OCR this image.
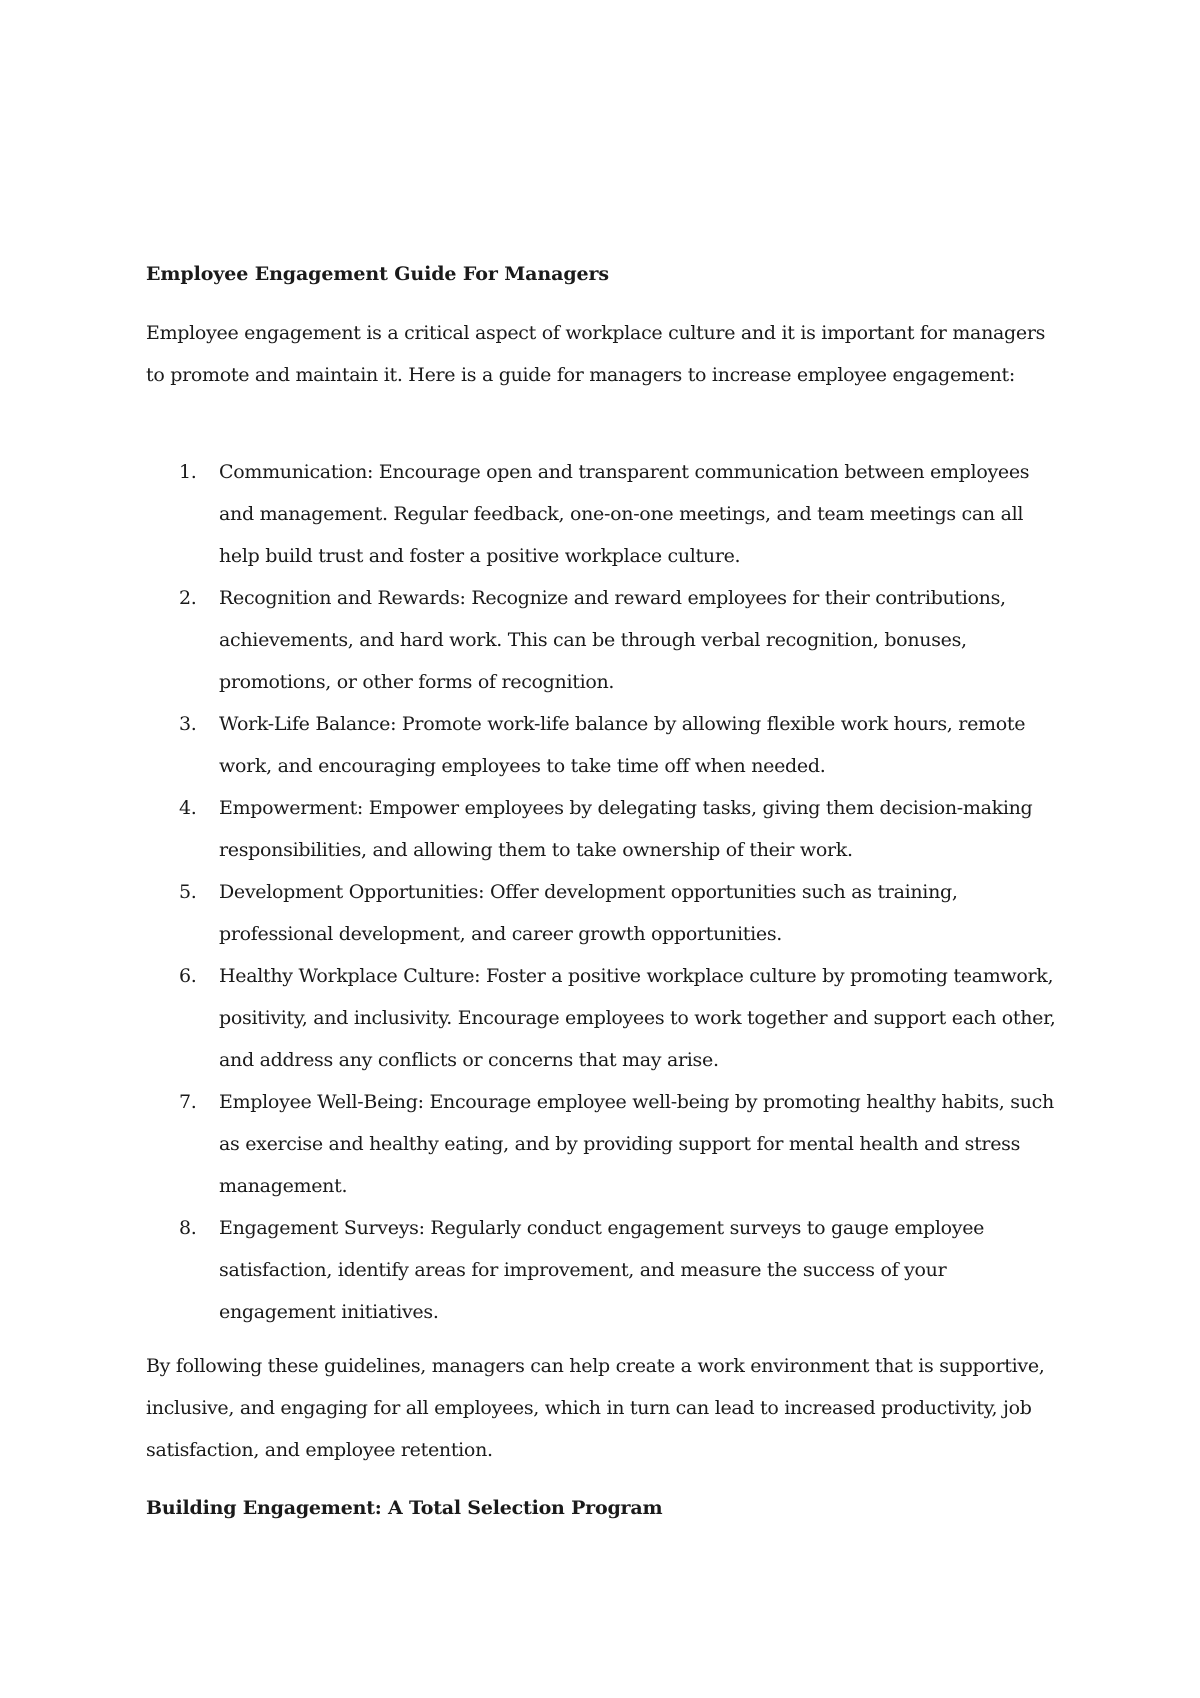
Employee Engagement Guide For Managers

Employee engagement is a critical aspect of workplace culture and it is important for managers to promote and maintain it. Here is a guide for managers to increase employee engagement:

1. Communication: Encourage open and transparent communication between employees and management. Regular feedback, one-on-one meetings, and team meetings can all help build trust and foster a positive workplace culture.
2. Recognition and Rewards: Recognize and reward employees for their contributions, achievements, and hard work. This can be through verbal recognition, bonuses, promotions, or other forms of recognition.
3. Work-Life Balance: Promote work-life balance by allowing flexible work hours, remote work, and encouraging employees to take time off when needed.
4. Empowerment: Empower employees by delegating tasks, giving them decision-making responsibilities, and allowing them to take ownership of their work.
5. Development Opportunities: Offer development opportunities such as training, professional development, and career growth opportunities.
6. Healthy Workplace Culture: Foster a positive workplace culture by promoting teamwork, positivity, and inclusivity. Encourage employees to work together and support each other, and address any conflicts or concerns that may arise.
7. Employee Well-Being: Encourage employee well-being by promoting healthy habits, such as exercise and healthy eating, and by providing support for mental health and stress management.
8. Engagement Surveys: Regularly conduct engagement surveys to gauge employee satisfaction, identify areas for improvement, and measure the success of your engagement initiatives.

By following these guidelines, managers can help create a work environment that is supportive, inclusive, and engaging for all employees, which in turn can lead to increased productivity, job satisfaction, and employee retention.

Building Engagement: A Total Selection Program
